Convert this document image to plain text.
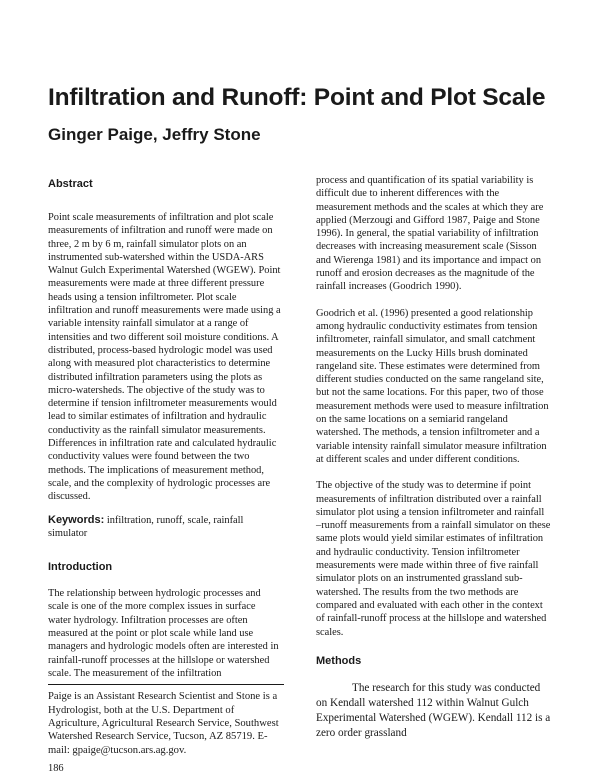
Infiltration and Runoff: Point and Plot Scale
Ginger Paige, Jeffry Stone
Abstract

Point scale measurements of infiltration and plot scale measurements of infiltration and runoff were made on three, 2 m by 6 m, rainfall simulator plots on an instrumented sub-watershed within the USDA-ARS Walnut Gulch Experimental Watershed (WGEW). Point measurements were made at three different pressure heads using a tension infiltrometer. Plot scale infiltration and runoff measurements were made using a variable intensity rainfall simulator at a range of intensities and two different soil moisture conditions. A distributed, process-based hydrologic model was used along with measured plot characteristics to determine distributed infiltration parameters using the plots as micro-watersheds. The objective of the study was to determine if tension infiltrometer measurements would lead to similar estimates of infiltration and hydraulic conductivity as the rainfall simulator measurements. Differences in infiltration rate and calculated hydraulic conductivity values were found between the two methods. The implications of measurement method, scale, and the complexity of hydrologic processes are discussed.

Keywords: infiltration, runoff, scale, rainfall simulator

Introduction

The relationship between hydrologic processes and scale is one of the more complex issues in surface water hydrology. Infiltration processes are often measured at the point or plot scale while land use managers and hydrologic models often are interested in rainfall-runoff processes at the hillslope or watershed scale. The measurement of the infiltration

Paige is an Assistant Research Scientist and Stone is a Hydrologist, both at the U.S. Department of Agriculture, Agricultural Research Service, Southwest Watershed Research Service, Tucson, AZ 85719. E-mail: gpaige@tucson.ars.ag.gov.

186

process and quantification of its spatial variability is difficult due to inherent differences with the measurement methods and the scales at which they are applied (Merzougi and Gifford 1987, Paige and Stone 1996). In general, the spatial variability of infiltration decreases with increasing measurement scale (Sisson and Wierenga 1981) and its importance and impact on runoff and erosion decreases as the magnitude of the rainfall increases (Goodrich 1990).

Goodrich et al. (1996) presented a good relationship among hydraulic conductivity estimates from tension infiltrometer, rainfall simulator, and small catchment measurements on the Lucky Hills brush dominated rangeland site. These estimates were determined from different studies conducted on the same rangeland site, but not the same locations. For this paper, two of those measurement methods were used to measure infiltration on the same locations on a semiarid rangeland watershed. The methods, a tension infiltrometer and a variable intensity rainfall simulator measure infiltration at different scales and under different conditions.

The objective of the study was to determine if point measurements of infiltration distributed over a rainfall simulator plot using a tension infiltrometer and rainfall –runoff measurements from a rainfall simulator on these same plots would yield similar estimates of infiltration and hydraulic conductivity. Tension infiltrometer measurements were made within three of five rainfall simulator plots on an instrumented grassland sub-watershed. The results from the two methods are compared and evaluated with each other in the context of rainfall-runoff process at the hillslope and watershed scales.

Methods

The research for this study was conducted on Kendall watershed 112 within Walnut Gulch Experimental Watershed (WGEW). Kendall 112 is a zero order grassland
